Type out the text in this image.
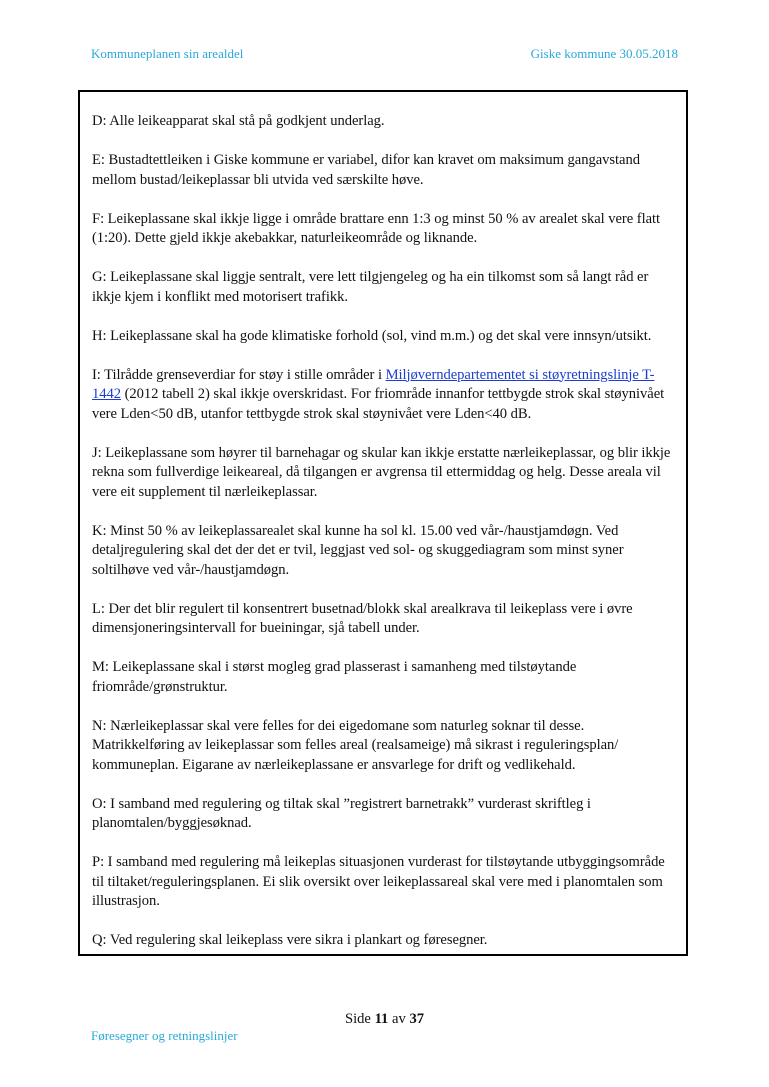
Kommuneplanen sin arealdel	Giske kommune 30.05.2018

D: Alle leikeapparat skal stå på godkjent underlag.

E: Bustadtettleiken i Giske kommune er variabel, difor kan kravet om maksimum gangavstand mellom bustad/leikeplassar bli utvida ved særskilte høve.

F: Leikeplassane skal ikkje ligge i område brattare enn 1:3 og minst 50 % av arealet skal vere flatt (1:20). Dette gjeld ikkje akebakkar, naturleikeområde og liknande.

G: Leikeplassane skal liggje sentralt, vere lett tilgjengeleg og ha ein tilkomst som så langt råd er ikkje kjem i konflikt med motorisert trafikk.

H: Leikeplassane skal ha gode klimatiske forhold (sol, vind m.m.) og det skal vere innsyn/utsikt.

I: Tilrådde grenseverdiar for støy i stille områder i Miljøverndepartementet si støyretningslinje T-1442 (2012 tabell 2) skal ikkje overskridast. For friområde innanfor tettbygde strok skal støynivået vere Lden<50 dB, utanfor tettbygde strok skal støynivået vere Lden<40 dB.

J: Leikeplassane som høyrer til barnehagar og skular kan ikkje erstatte nærleikeplassar, og blir ikkje rekna som fullverdige leikeareal, då tilgangen er avgrensa til ettermiddag og helg. Desse areala vil vere eit supplement til nærleikeplassar.

K: Minst 50 % av leikeplassarealet skal kunne ha sol kl. 15.00 ved vår-/haustjamdøgn. Ved detaljregulering skal det der det er tvil, leggjast ved sol- og skuggediagram som minst syner soltilhøve ved vår-/haustjamdøgn.

L: Der det blir regulert til konsentrert busetnad/blokk skal arealkrava til leikeplass vere i øvre dimensjoneringsintervall for bueiningar, sjå tabell under.

M: Leikeplassane skal i størst mogleg grad plasserast i samanheng med tilstøytande friområde/grønstruktur.

N: Nærleikeplassar skal vere felles for dei eigedomane som naturleg soknar til desse. Matrikkelføring av leikeplassar som felles areal (realsameige) må sikrast i reguleringsplan/ kommuneplan. Eigarane av nærleikeplassane er ansvarlege for drift og vedlikehald.

O: I samband med regulering og tiltak skal ”registrert barnetrakk” vurderast skriftleg i planomtalen/byggjesøknad.

P: I samband med regulering må leikeplas situasjonen vurderast for tilstøytande utbyggingsområde til tiltaket/reguleringsplanen. Ei slik oversikt over leikeplassareal skal vere med i planomtalen som illustrasjon.

Q: Ved regulering skal leikeplass vere sikra i plankart og føresegner.

Side 11 av 37
Føresegner og retningslinjer
